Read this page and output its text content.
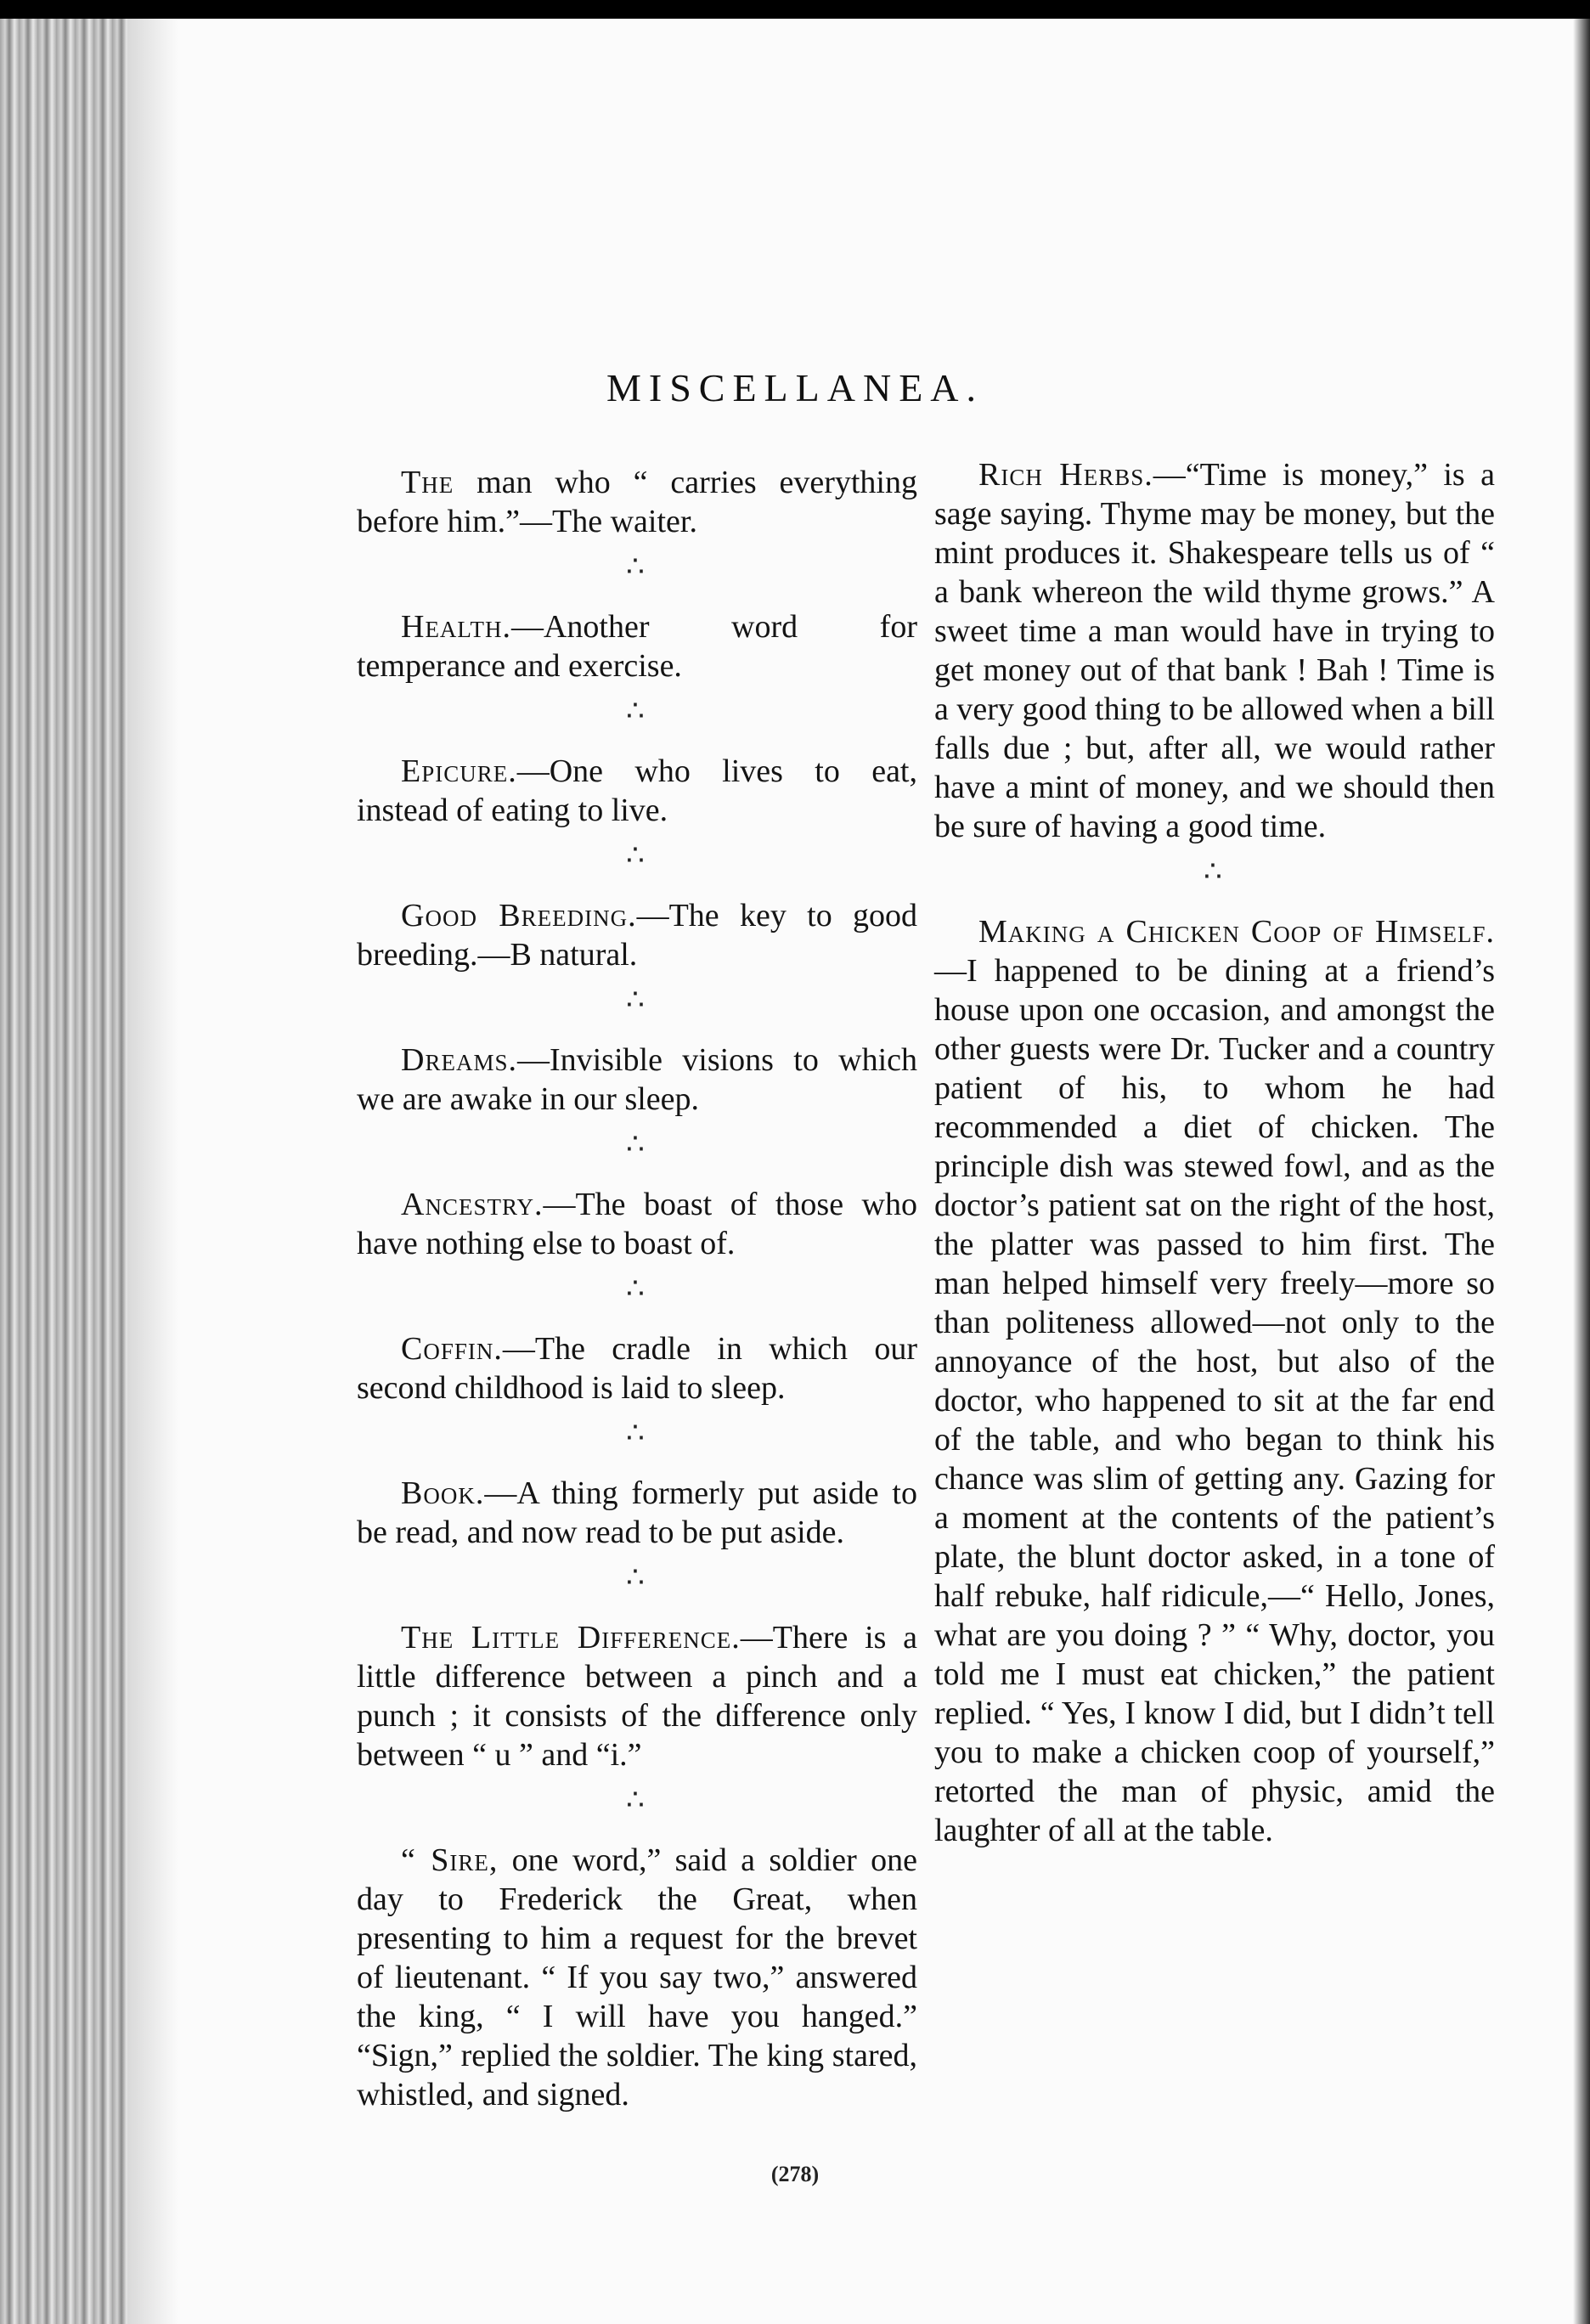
MISCELLANEA.

The man who “ carries everything before him.”—The waiter.

∴

Health.—Another word for temperance and exercise.

∴

Epicure.—One who lives to eat, instead of eating to live.

∴

Good Breeding.—The key to good breeding.—B natural.

∴

Dreams.—Invisible visions to which we are awake in our sleep.

∴

Ancestry.—The boast of those who have nothing else to boast of.

∴

Coffin.—The cradle in which our second childhood is laid to sleep.

∴

Book.—A thing formerly put aside to be read, and now read to be put aside.

∴

The Little Difference.—There is a little difference between a pinch and a punch ; it consists of the difference only between “ u ” and “i.”

∴

“ Sire, one word,” said a soldier one day to Frederick the Great, when presenting to him a request for the brevet of lieutenant. “ If you say two,” answered the king, “ I will have you hanged.” “Sign,” replied the soldier. The king stared, whistled, and signed.

Rich Herbs.—“Time is money,” is a sage saying. Thyme may be money, but the mint produces it. Shakespeare tells us of “ a bank whereon the wild thyme grows.” A sweet time a man would have in trying to get money out of that bank ! Bah ! Time is a very good thing to be allowed when a bill falls due ; but, after all, we would rather have a mint of money, and we should then be sure of having a good time.

∴

Making a Chicken Coop of Himself.—I happened to be dining at a friend’s house upon one occasion, and amongst the other guests were Dr. Tucker and a country patient of his, to whom he had recommended a diet of chicken. The principle dish was stewed fowl, and as the doctor’s patient sat on the right of the host, the platter was passed to him first. The man helped himself very freely—more so than politeness allowed—not only to the annoyance of the host, but also of the doctor, who happened to sit at the far end of the table, and who began to think his chance was slim of getting any. Gazing for a moment at the contents of the patient’s plate, the blunt doctor asked, in a tone of half rebuke, half ridicule,—“ Hello, Jones, what are you doing ? ” “ Why, doctor, you told me I must eat chicken,” the patient replied. “ Yes, I know I did, but I didn’t tell you to make a chicken coop of yourself,” retorted the man of physic, amid the laughter of all at the table.

(278)
